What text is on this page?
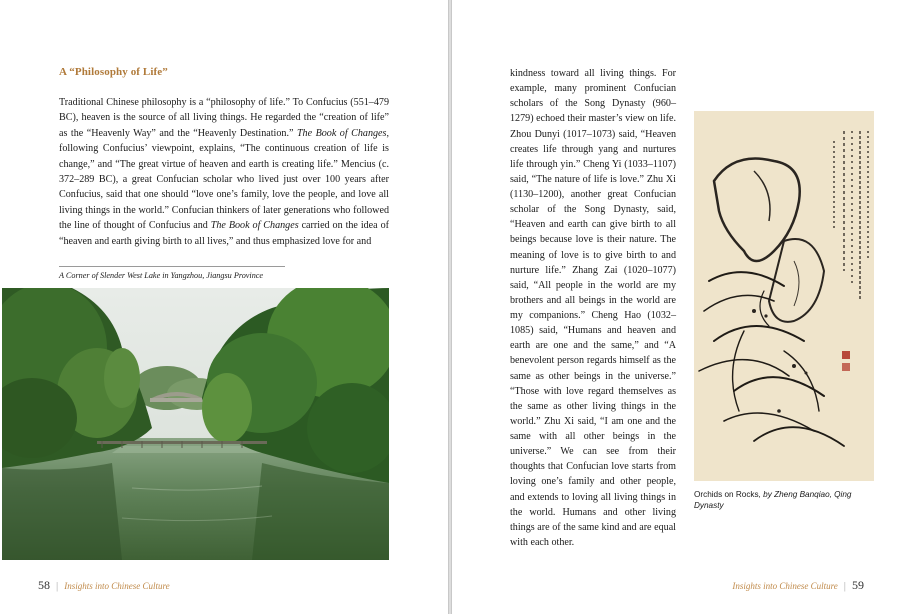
A “Philosophy of Life”
Traditional Chinese philosophy is a “philosophy of life.” To Confucius (551–479 BC), heaven is the source of all living things. He regarded the “creation of life” as the “Heavenly Way” and the “Heavenly Destination.” The Book of Changes, following Confucius’ viewpoint, explains, “The continuous creation of life is change,” and “The great virtue of heaven and earth is creating life.” Mencius (c. 372–289 BC), a great Confucian scholar who lived just over 100 years after Confucius, said that one should “love one’s family, love the people, and love all living things in the world.” Confucian thinkers of later generations who followed the line of thought of Confucius and The Book of Changes carried on the idea of “heaven and earth giving birth to all lives,” and thus emphasized love for and
A Corner of Slender West Lake in Yangzhou, Jiangsu Province
58 | Insights into Chinese Culture
kindness toward all living things. For example, many prominent Confucian scholars of the Song Dynasty (960–1279) echoed their master’s view on life. Zhou Dunyi (1017–1073) said, “Heaven creates life through yang and nurtures life through yin.” Cheng Yi (1033–1107) said, “The nature of life is love.” Zhu Xi (1130–1200), another great Confucian scholar of the Song Dynasty, said, “Heaven and earth can give birth to all beings because love is their nature. The meaning of love is to give birth to and nurture life.” Zhang Zai (1020–1077) said, “All people in the world are my brothers and all beings in the world are my companions.” Cheng Hao (1032–1085) said, “Humans and heaven and earth are one and the same,” and “A benevolent person regards himself as the same as other beings in the universe.” “Those with love regard themselves as the same as other living things in the world.” Zhu Xi said, “I am one and the same with all other beings in the universe.” We can see from their thoughts that Confucian love starts from loving one’s family and other people, and extends to loving all living things in the world. Humans and other living things are of the same kind and are equal with each other.
Orchids on Rocks, by Zheng Banqiao, Qing Dynasty
Insights into Chinese Culture | 59
